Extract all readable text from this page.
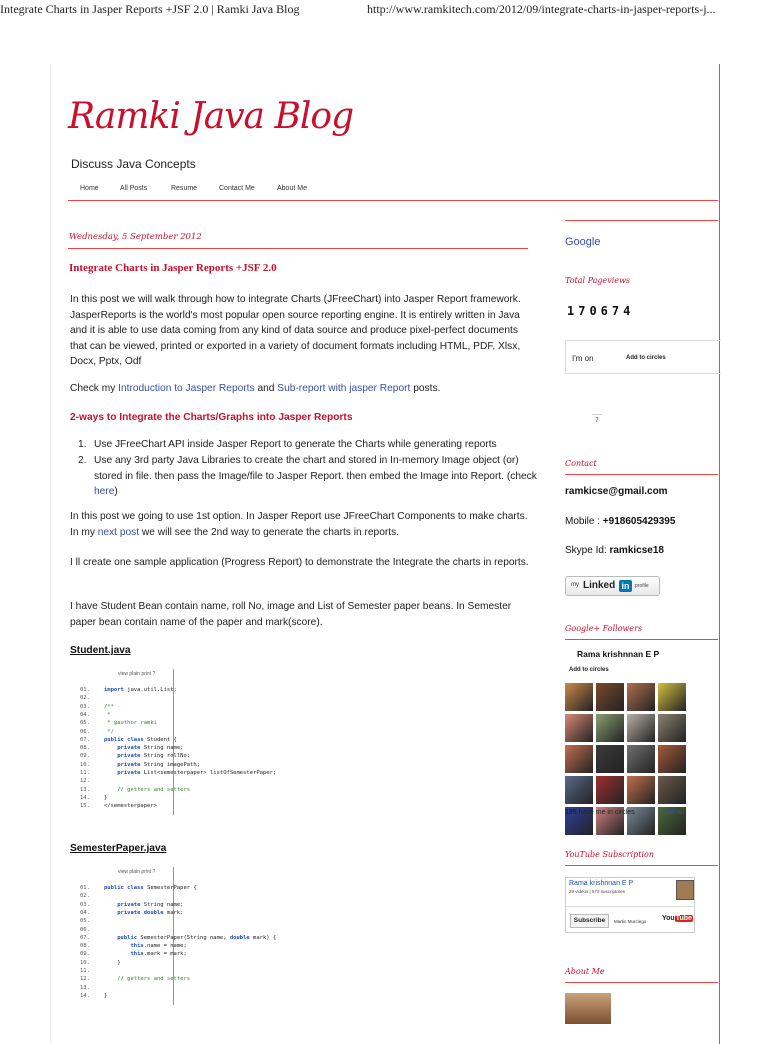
Integrate Charts in Jasper Reports +JSF 2.0 | Ramki Java Blog	http://www.ramkitech.com/2012/09/integrate-charts-in-jasper-reports-j...
Ramki Java Blog
Discuss Java Concepts
Home	All Posts	Resume	Contact Me	About Me
Wednesday, 5 September 2012
Integrate Charts in Jasper Reports +JSF 2.0
In this post we will walk through how to integrate Charts (JFreeChart) into Jasper Report framework. JasperReports is the world's most popular open source reporting engine. It is entirely written in Java and it is able to use data coming from any kind of data source and produce pixel-perfect documents that can be viewed, printed or exported in a variety of document formats including HTML, PDF, Xlsx, Docx, Pptx, Odf
Check my Introduction to Jasper Reports and Sub-report with jasper Report posts.
2-ways to Integrate the Charts/Graphs into Jasper Reports
1. Use JFreeChart API inside Jasper Report to generate the Charts while generating reports
2. Use any 3rd party Java Libraries to create the chart and stored in In-memory Image object (or) stored in file. then pass the Image/file to Jasper Report. then embed the Image into Report. (check here)
In this post we going to use 1st option. In Jasper Report use JFreeChart Components to make charts. In my next post we will see the 2nd way to generate the charts in reports.
I ll create one sample application (Progress Report) to demonstrate the Integrate the charts in reports.
I have Student Bean contain name, roll No, image and List of Semester paper beans. In Semester paper bean contain name of the paper and mark(score).
Student.java
view plain print ?
01.	import java.util.List;
02.
03.	/**
04.	*
05.	* @author ramki
06.	*/
07.	public class Student {
08.	private String name;
09.	private String rollNo;
10.	private String imagePath;
11.	private List<semesterpaper> listOfSemesterPaper;
12.
13.	// getters and setters
14.	}
15.	</semesterpaper>
SemesterPaper.java
view plain print ?
01.	public class SemesterPaper {
02.
03.	private String name;
04.	private double mark;
05.
06.
07.	public SemesterPaper(String name, double mark) {
08.	this.name = name;
09.	this.mark = mark;
10.	}
11.
12.	// getters and setters
13.
14.	}
Google
Total Pageviews
170674
I'm on	Add to circles
7
Contact
ramkicse@gmail.com
Mobile : +918605429395
Skype Id: ramkicse18
my Linked in	profile
Google+ Followers
Rama krishnnan E P
Add to circles
195 have me in circles	View all
YouTube Subscription
Rama krishnnan E P
29 videos | 573 suscriptores
Subscribe	Martin Murciego YouTube
About Me
